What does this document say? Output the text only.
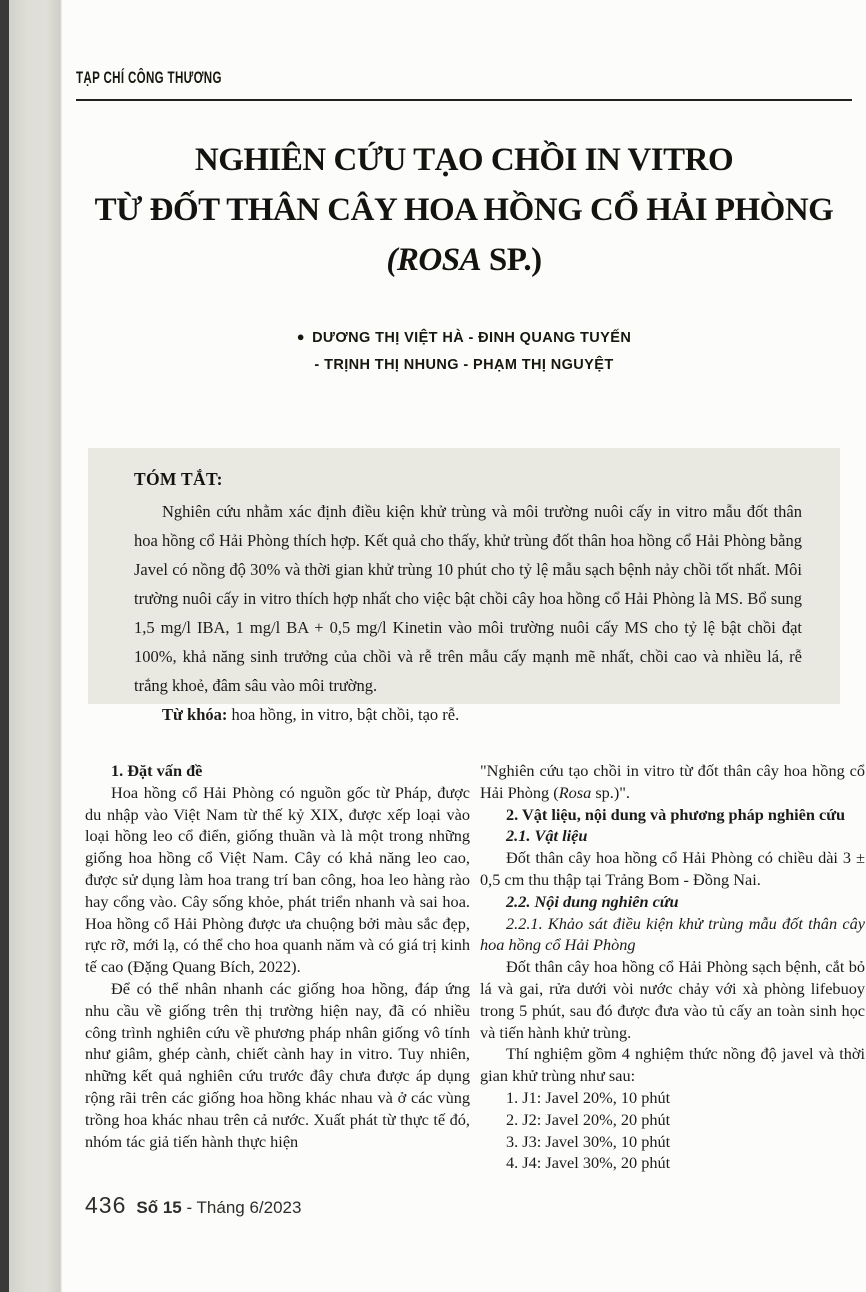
TẠP CHÍ CÔNG THƯƠNG
NGHIÊN CỨU TẠO CHỒI IN VITRO
TỪ ĐỐT THÂN CÂY HOA HỒNG CỔ HẢI PHÒNG
(ROSA SP.)
● DƯƠNG THỊ VIỆT HÀ - ĐINH QUANG TUYẾN
- TRỊNH THỊ NHUNG - PHẠM THỊ NGUYỆT
TÓM TẮT:

Nghiên cứu nhằm xác định điều kiện khử trùng và môi trường nuôi cấy in vitro mẫu đốt thân hoa hồng cổ Hải Phòng thích hợp. Kết quả cho thấy, khử trùng đốt thân hoa hồng cổ Hải Phòng bằng Javel có nồng độ 30% và thời gian khử trùng 10 phút cho tỷ lệ mẫu sạch bệnh nảy chồi tốt nhất. Môi trường nuôi cấy in vitro thích hợp nhất cho việc bật chồi cây hoa hồng cổ Hải Phòng là MS. Bổ sung 1,5 mg/l IBA, 1 mg/l BA + 0,5 mg/l Kinetin vào môi trường nuôi cấy MS cho tỷ lệ bật chồi đạt 100%, khả năng sinh trưởng của chồi và rễ trên mẫu cấy mạnh mẽ nhất, chồi cao và nhiều lá, rễ trắng khoẻ, đâm sâu vào môi trường.

Từ khóa: hoa hồng, in vitro, bật chồi, tạo rễ.

1. Đặt vấn đề

Hoa hồng cổ Hải Phòng có nguồn gốc từ Pháp, được du nhập vào Việt Nam từ thế kỷ XIX, được xếp loại vào loại hồng leo cổ điển, giống thuần và là một trong những giống hoa hồng cổ Việt Nam. Cây có khả năng leo cao, được sử dụng làm hoa trang trí ban công, hoa leo hàng rào hay cổng vào. Cây sống khỏe, phát triển nhanh và sai hoa. Hoa hồng cổ Hải Phòng được ưa chuộng bởi màu sắc đẹp, rực rỡ, mới lạ, có thể cho hoa quanh năm và có giá trị kinh tế cao (Đặng Quang Bích, 2022).

Để có thể nhân nhanh các giống hoa hồng, đáp ứng nhu cầu về giống trên thị trường hiện nay, đã có nhiều công trình nghiên cứu về phương pháp nhân giống vô tính như giâm, ghép cành, chiết cành hay in vitro. Tuy nhiên, những kết quả nghiên cứu trước đây chưa được áp dụng rộng rãi trên các giống hoa hồng khác nhau và ở các vùng trồng hoa khác nhau trên cả nước. Xuất phát từ thực tế đó, nhóm tác giả tiến hành thực hiện

"Nghiên cứu tạo chồi in vitro từ đốt thân cây hoa hồng cổ Hải Phòng (Rosa sp.)".

2. Vật liệu, nội dung và phương pháp nghiên cứu

2.1. Vật liệu

Đốt thân cây hoa hồng cổ Hải Phòng có chiều dài 3 ± 0,5 cm thu thập tại Trảng Bom - Đồng Nai.

2.2. Nội dung nghiên cứu

2.2.1. Khảo sát điều kiện khử trùng mẫu đốt thân cây hoa hồng cổ Hải Phòng

Đốt thân cây hoa hồng cổ Hải Phòng sạch bệnh, cắt bỏ lá và gai, rửa dưới vòi nước chảy với xà phòng lifebuoy trong 5 phút, sau đó được đưa vào tủ cấy an toàn sinh học và tiến hành khử trùng.

Thí nghiệm gồm 4 nghiệm thức nồng độ javel và thời gian khử trùng như sau:

1. J1: Javel 20%, 10 phút

2. J2: Javel 20%, 20 phút

3. J3: Javel 30%, 10 phút

4. J4: Javel 30%, 20 phút

436 Số 15 - Tháng 6/2023
